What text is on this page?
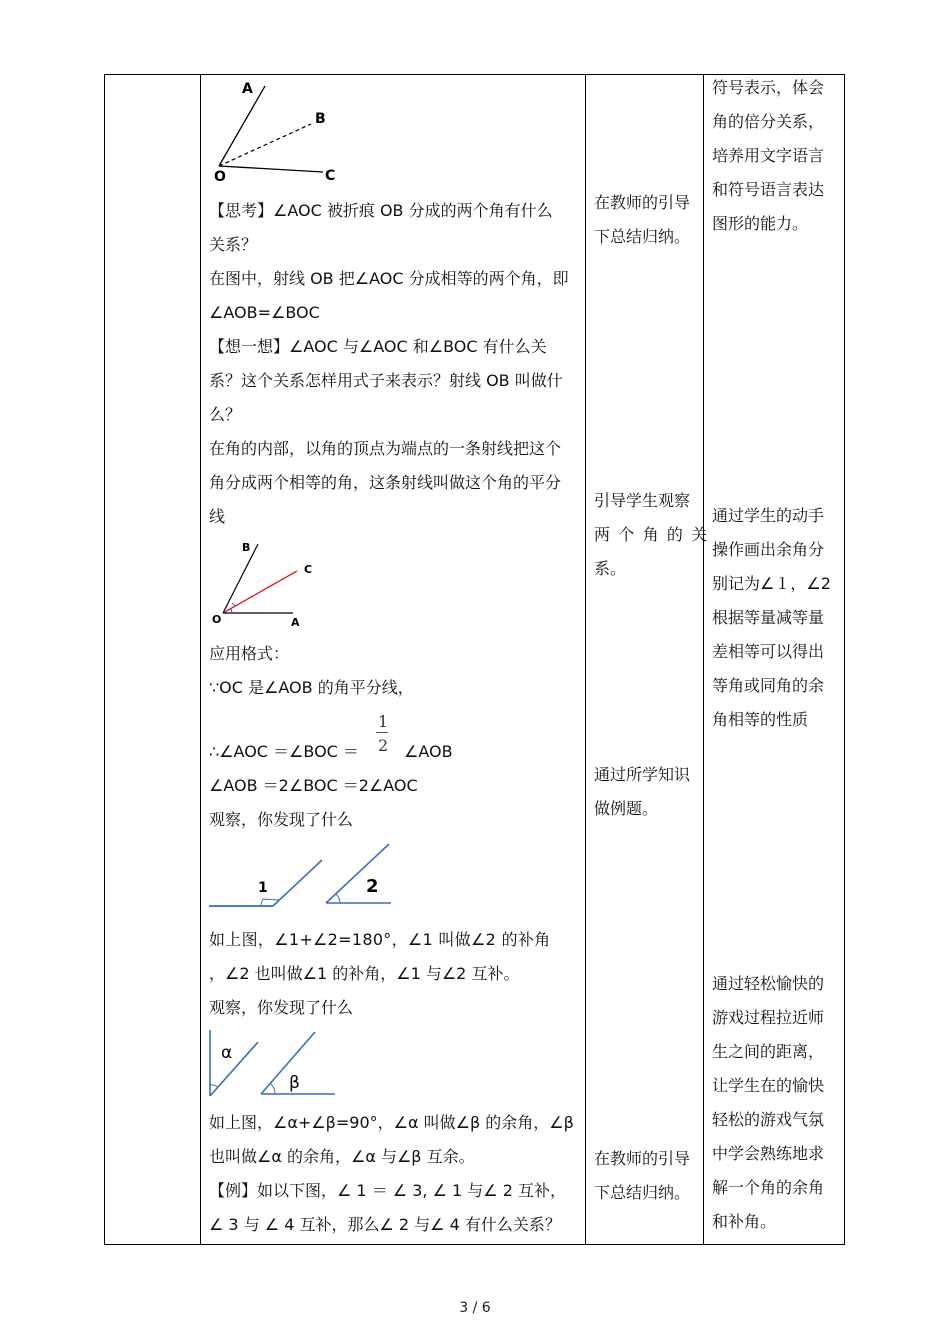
A
B
O	C
【思考】∠AOC 被折痕 OB 分成的两个角有什么
关系？
在图中，射线 OB 把∠AOC 分成相等的两个角，即
∠AOB=∠BOC
【想一想】∠AOC 与∠AOC 和∠BOC 有什么关
系？这个关系怎样用式子来表示？射线 OB 叫做什
么？
在角的内部，以角的顶点为端点的一条射线把这个
角分成两个相等的角，这条射线叫做这个角的平分
线
B
C
O	A
应用格式：
∵OC 是∠AOB 的角平分线，
1
2
∴∠AOC ＝∠BOC ＝	∠AOB
∠AOB ＝2∠BOC ＝2∠AOC
观察，你发现了什么
1	2
如上图，∠1+∠2=180°，∠1 叫做∠2 的补角
，∠2 也叫做∠1 的补角，∠1 与∠2 互补。
观察，你发现了什么
α
β
如上图，∠α+∠β=90°，∠α 叫做∠β 的余角，∠β
也叫做∠α 的余角，∠α 与∠β 互余。
【例】如以下图，∠ 1 ＝ ∠ 3, ∠ 1 与∠ 2 互补，
∠ 3 与 ∠ 4 互补，那么∠ 2 与∠ 4 有什么关系？
在教师的引导
下总结归纳。
引导学生观察
两 个 角 的 关
系。
通过所学知识
做例题。
在教师的引导
下总结归纳。
符号表示，体会
角的倍分关系，
培养用文字语言
和符号语言表达
图形的能力。
通过学生的动手
操作画出余角分
别记为∠１，∠2
根据等量减等量
差相等可以得出
等角或同角的余
角相等的性质
通过轻松愉快的
游戏过程拉近师
生之间的距离，
让学生在的愉快
轻松的游戏气氛
中学会熟练地求
解一个角的余角
和补角。
3 / 6
